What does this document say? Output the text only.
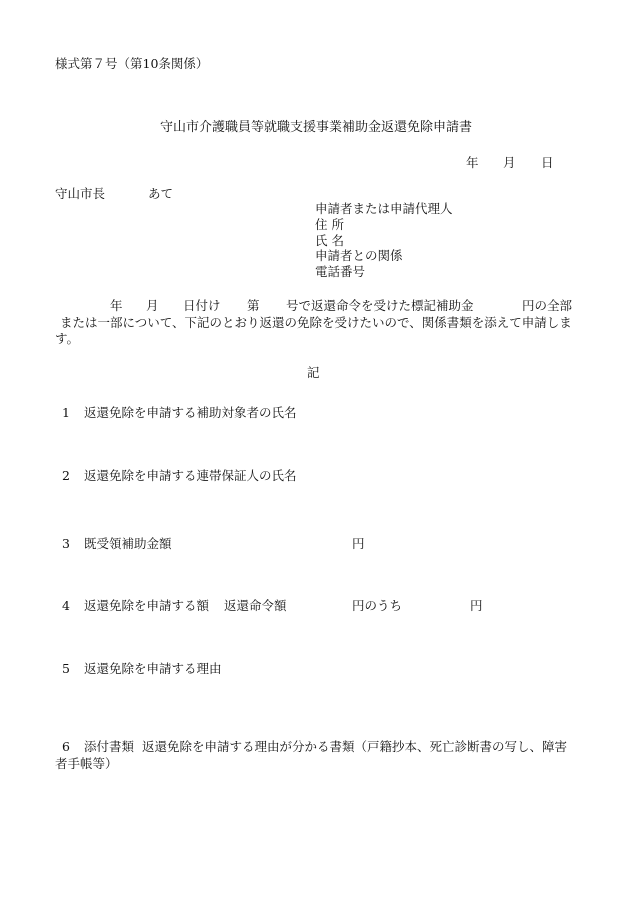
様式第７号（第10条関係）
守山市介護職員等就職支援事業補助金返還免除申請書
年 月 日
守山市長	あて
申請者または申請代理人
住 所
氏 名
申請者との関係
電話番号
年 月 日付け 第 号で返還命令を受けた標記補助金	円の全部
または一部について、下記のとおり返還の免除を受けたいので、関係書類を添えて申請しま
す。
記
1 返還免除を申請する補助対象者の氏名
2 返還免除を申請する連帯保証人の氏名
3 既受領補助金額	円
4 返還免除を申請する額 返還命令額	円のうち	円
5 返還免除を申請する理由
6 添付書類 返還免除を申請する理由が分かる書類（戸籍抄本、死亡診断書の写し、障害
者手帳等）
